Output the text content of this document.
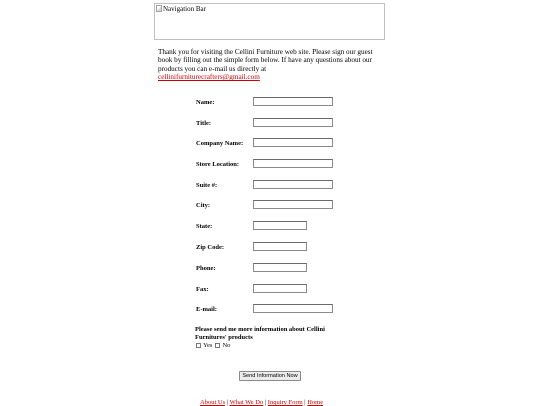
Navigation Bar
Thank you for visiting the Cellini Furniture web site. Please sign our guest book by filling out the simple form below. If have any questions about our products you can e-mail us directly at
cellinifurniturecrafters@gmail.com
Name:
Title:
Company Name:
Store Location:
Suite #:
City:
State:
Zip Code:
Phone:
Fax:
E-mail:
Please send me more information about Cellini Furnitures' products
Yes No
Send Information Now
About Us | What We Do | Inquiry Form | Home
